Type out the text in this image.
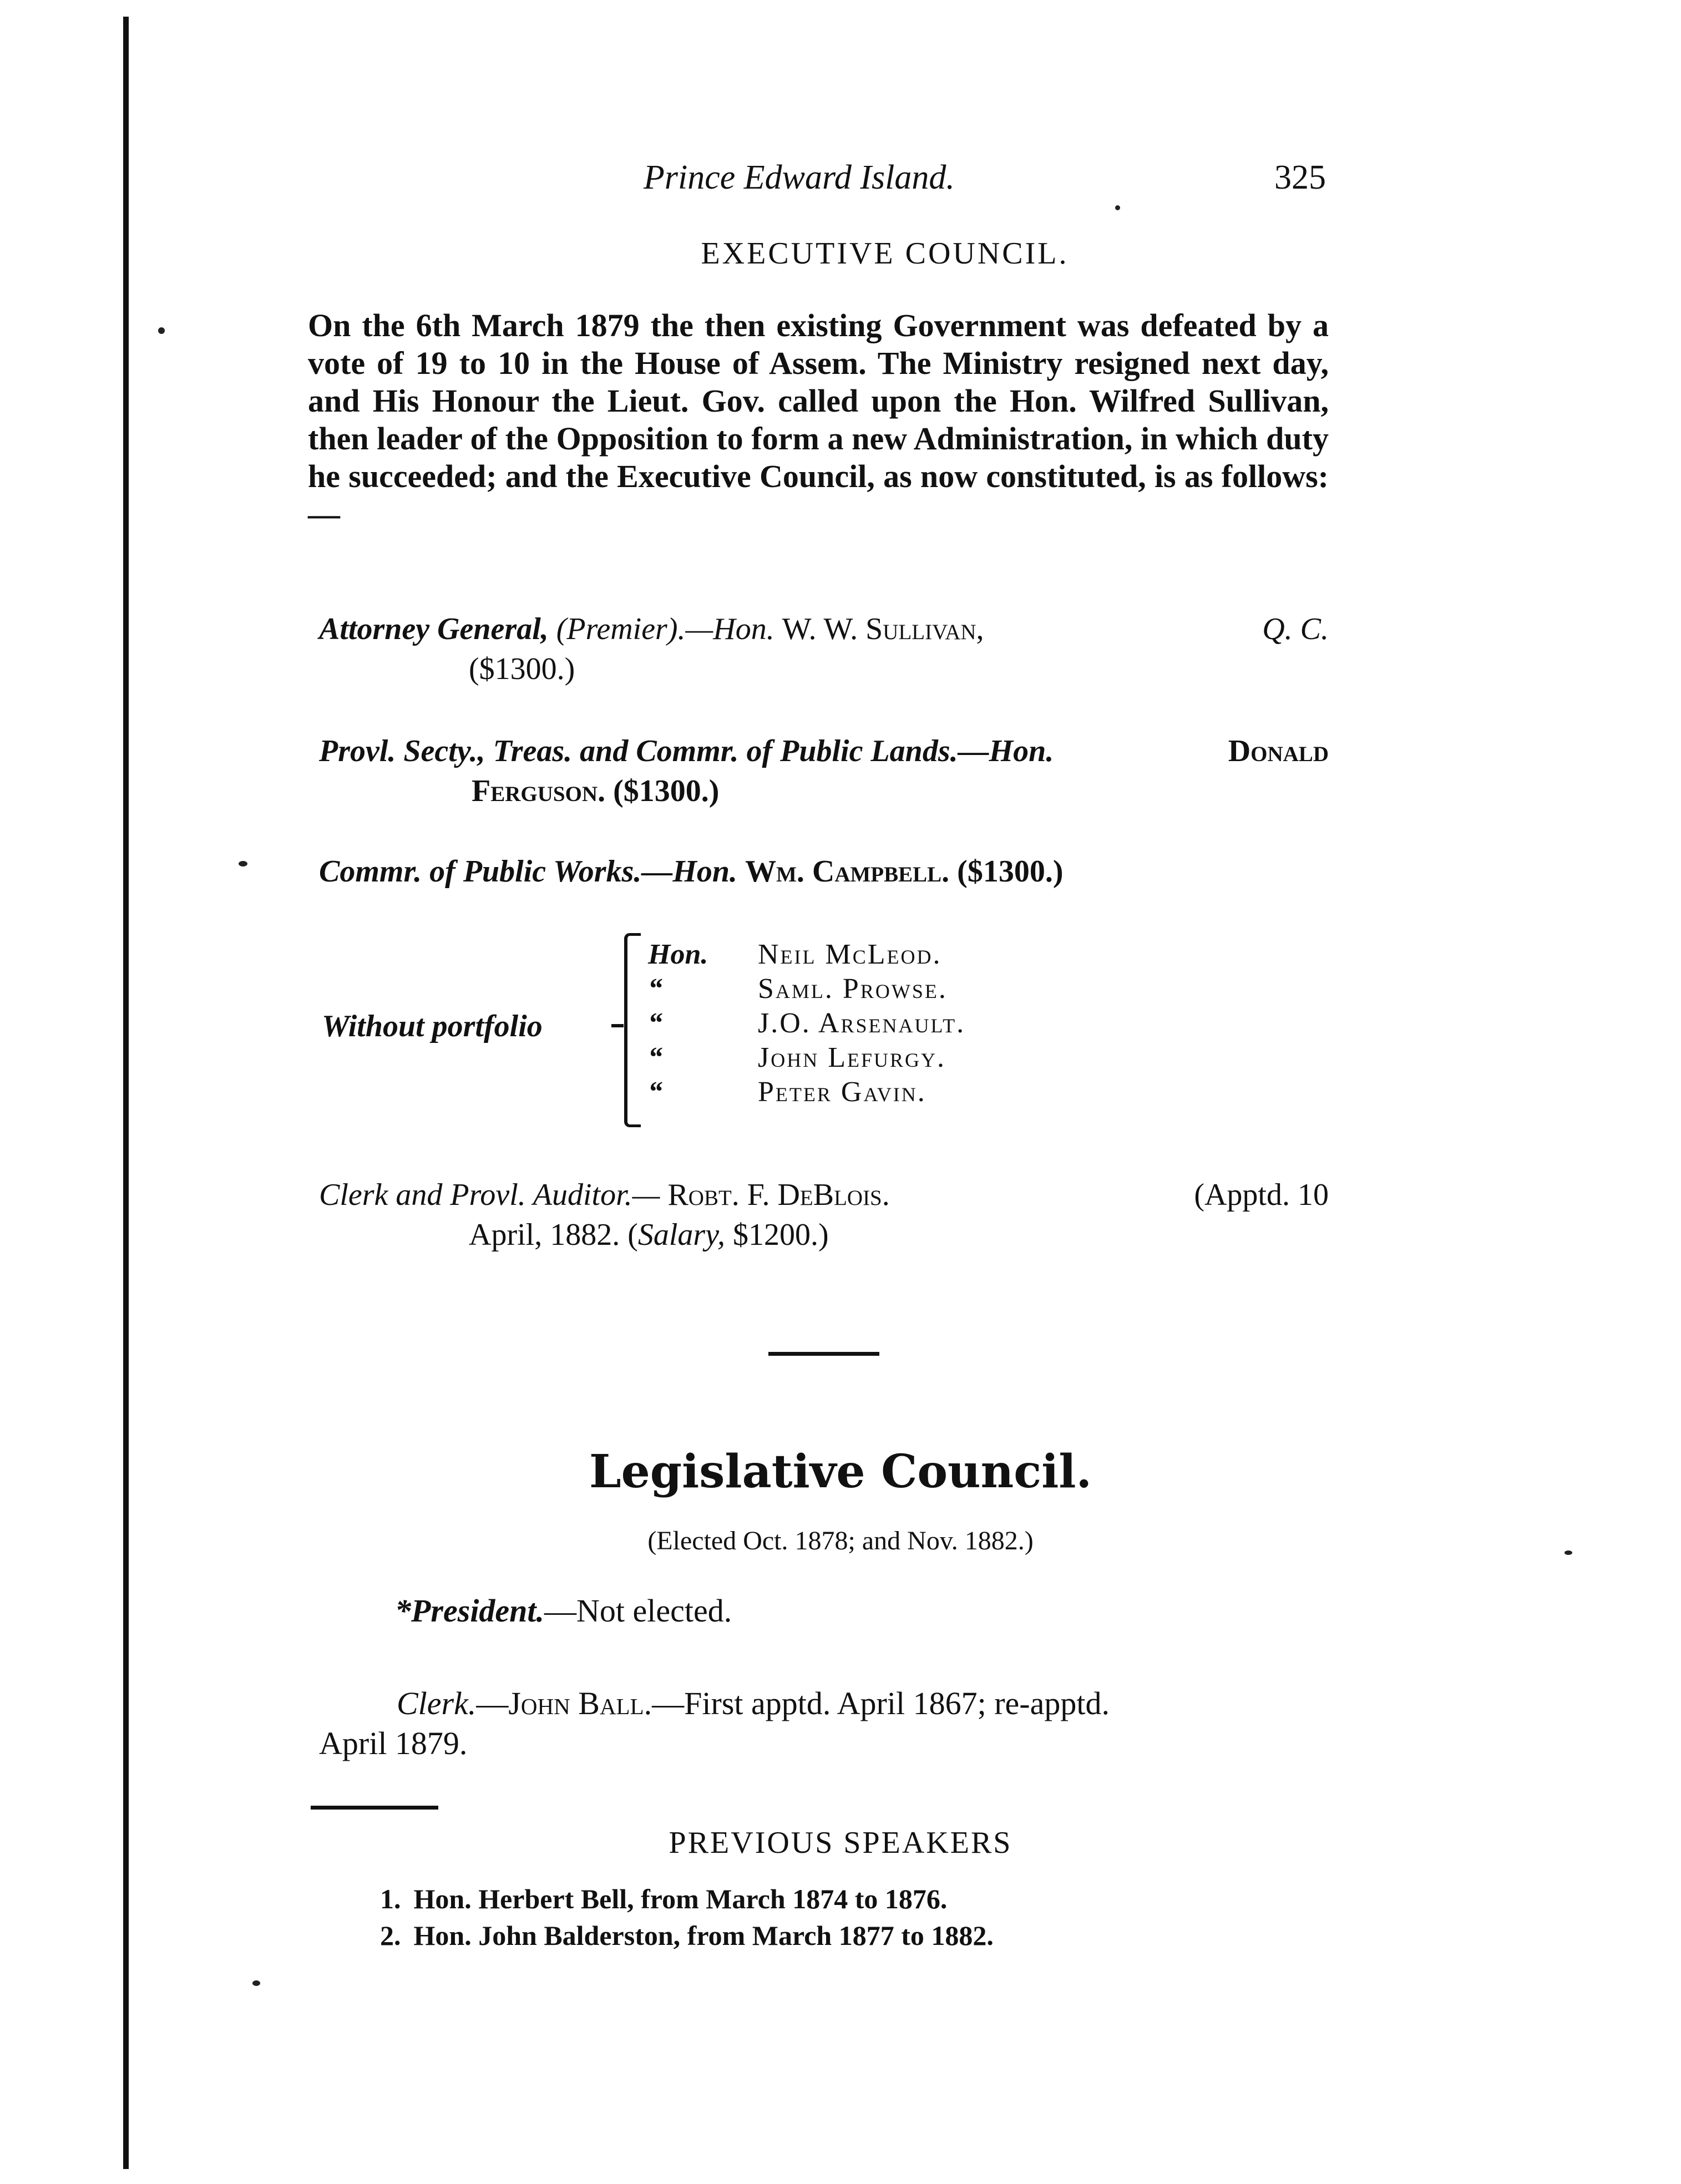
Prince Edward Island.	325
EXECUTIVE COUNCIL.

On the 6th March 1879 the then existing Government was defeated by a vote of 19 to 10 in the House of Assem. The Ministry resigned next day, and His Honour the Lieut. Gov. called upon the Hon. Wilfred Sullivan, then leader of the Opposition to form a new Administration, in which duty he succeeded; and the Executive Council, as now constituted, is as follows:—

Attorney General, (Premier).—Hon. W. W. Sullivan,	Q. C.
($1300.)
Provl. Secty., Treas. and Commr. of Public Lands.—Hon.	Donald
Ferguson. ($1300.)
Commr. of Public Works.—Hon. Wm. Campbell. ($1300.)
Without portfolio
Hon.	Neil McLeod.
“	Saml. Prowse.
“	J.O. Arsenault.
“	John Lefurgy.
“	Peter Gavin.
Clerk and Provl. Auditor.— Robt. F. DeBlois.	(Apptd. 10
April, 1882. (Salary, $1200.)
Legislative Council.
(Elected Oct. 1878; and Nov. 1882.)
*President.—Not elected.
Clerk.—John Ball.—First apptd. April 1867; re-apptd.
April 1879.
PREVIOUS SPEAKERS
1. Hon. Herbert Bell, from March 1874 to 1876.
2. Hon. John Balderston, from March 1877 to 1882.
